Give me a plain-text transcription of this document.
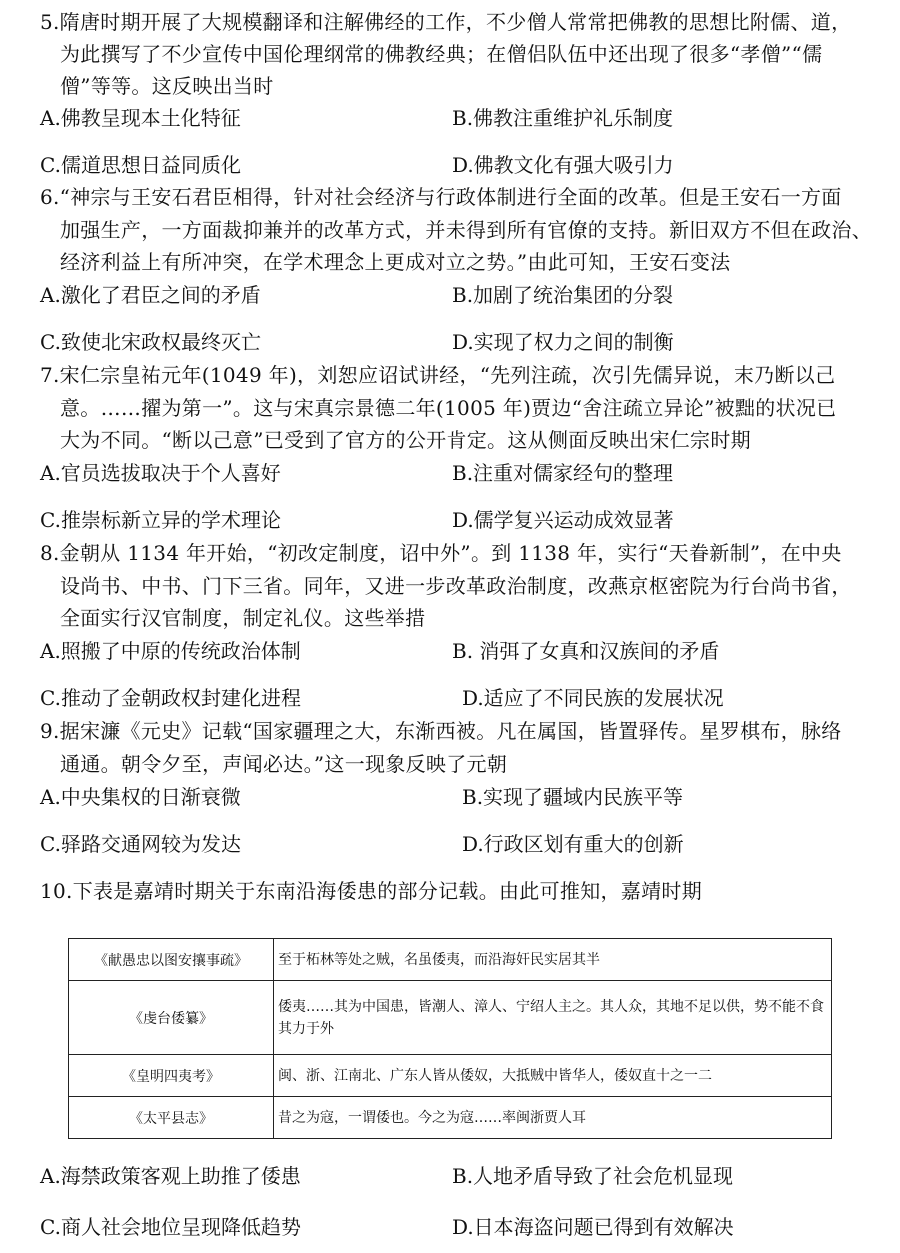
5.隋唐时期开展了大规模翻译和注解佛经的工作，不少僧人常常把佛教的思想比附儒、道，
为此撰写了不少宣传中国伦理纲常的佛教经典；在僧侣队伍中还出现了很多“孝僧”“儒
僧”等等。这反映出当时
A.佛教呈现本土化特征	B.佛教注重维护礼乐制度
C.儒道思想日益同质化	D.佛教文化有强大吸引力
6.“神宗与王安石君臣相得，针对社会经济与行政体制进行全面的改革。但是王安石一方面
加强生产，一方面裁抑兼并的改革方式，并未得到所有官僚的支持。新旧双方不但在政治、
经济利益上有所冲突，在学术理念上更成对立之势。”由此可知，王安石变法
A.激化了君臣之间的矛盾	B.加剧了统治集团的分裂
C.致使北宋政权最终灭亡	D.实现了权力之间的制衡
7.宋仁宗皇祐元年(1049 年)，刘恕应诏试讲经，“先列注疏，次引先儒异说，末乃断以己
意。……擢为第一”。这与宋真宗景德二年(1005 年)贾边“舍注疏立异论”被黜的状况已
大为不同。“断以己意”已受到了官方的公开肯定。这从侧面反映出宋仁宗时期
A.官员选拔取决于个人喜好	B.注重对儒家经句的整理
C.推崇标新立异的学术理论	D.儒学复兴运动成效显著
8.金朝从 1134 年开始，“初改定制度，诏中外”。到 1138 年，实行“天眷新制”，在中央
设尚书、中书、门下三省。同年，又进一步改革政治制度，改燕京枢密院为行台尚书省，
全面实行汉官制度，制定礼仪。这些举措
A.照搬了中原的传统政治体制	B. 消弭了女真和汉族间的矛盾
C.推动了金朝政权封建化进程	D.适应了不同民族的发展状况
9.据宋濂《元史》记载“国家疆理之大，东渐西被。凡在属国，皆置驿传。星罗棋布，脉络
通通。朝令夕至，声闻必达。”这一现象反映了元朝
A.中央集权的日渐衰微	B.实现了疆域内民族平等
C.驿路交通网较为发达	D.行政区划有重大的创新
10.下表是嘉靖时期关于东南沿海倭患的部分记载。由此可推知，嘉靖时期
《献愚忠以图安攘事疏》	至于柘林等处之贼，名虽倭夷，而沿海奸民实居其半
《虔台倭纂》	倭夷……其为中国患，皆潮人、漳人、宁绍人主之。其人众，其地不足以供，势不能不食其力于外
《皇明四夷考》	闽、浙、江南北、广东人皆从倭奴，大抵贼中皆华人，倭奴直十之一二
《太平县志》	昔之为寇，一谓倭也。今之为寇……率闽浙贾人耳
A.海禁政策客观上助推了倭患	B.人地矛盾导致了社会危机显现
C.商人社会地位呈现降低趋势	D.日本海盗问题已得到有效解决
